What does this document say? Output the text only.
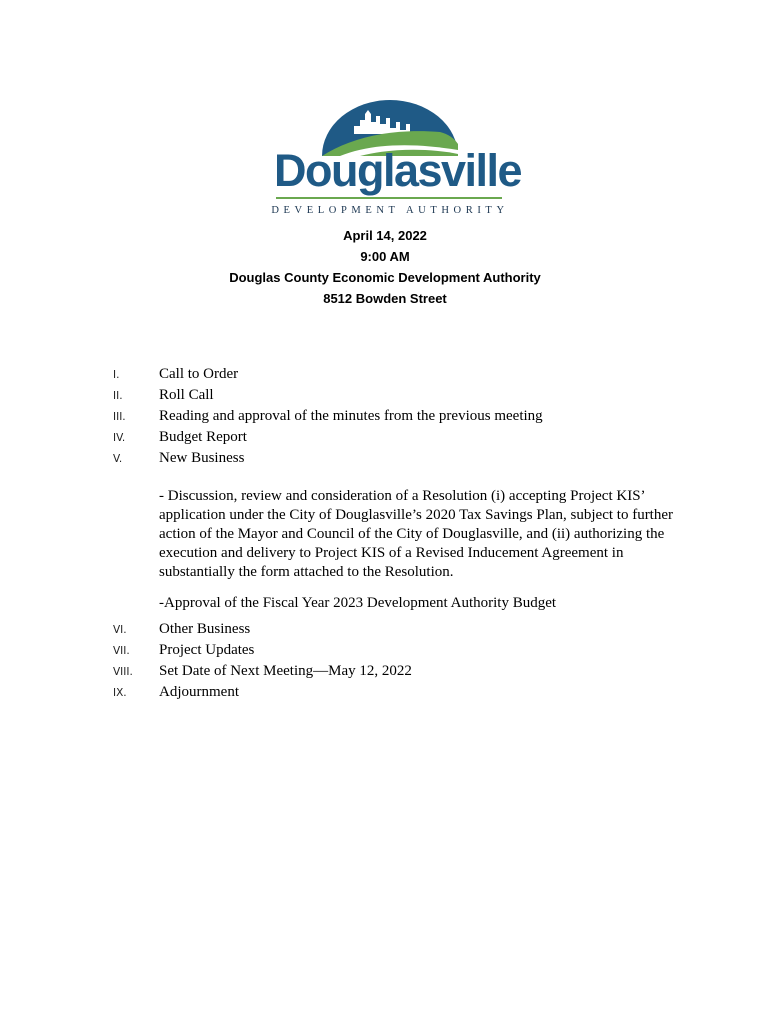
Douglasville
DEVELOPMENT AUTHORITY
April 14, 2022
9:00 AM
Douglas County Economic Development Authority
8512 Bowden Street
I.	Call to Order
II. Roll Call
III. Reading and approval of the minutes from the previous meeting
IV. Budget Report
V. New Business
- Discussion, review and consideration of a Resolution (i) accepting Project KIS’ application under the City of Douglasville’s 2020 Tax Savings Plan, subject to further action of the Mayor and Council of the City of Douglasville, and (ii) authorizing the execution and delivery to Project KIS of a Revised Inducement Agreement in substantially the form attached to the Resolution.
-Approval of the Fiscal Year 2023 Development Authority Budget
VI. Other Business
VII. Project Updates
VIII. Set Date of Next Meeting—May 12, 2022
IX. Adjournment
